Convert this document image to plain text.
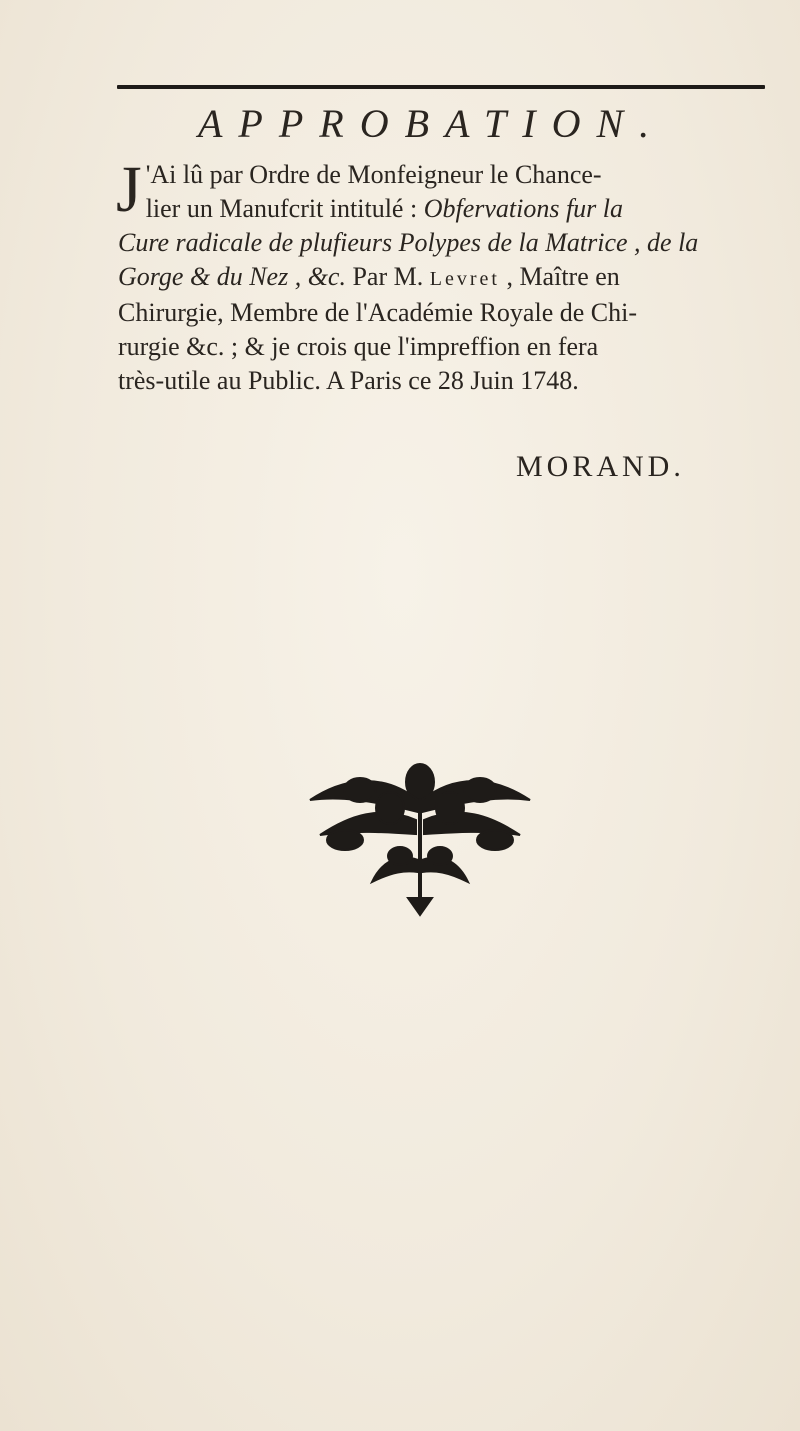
APPROBATION.
J 'Ai lû par Ordre de Monfeigneur le Chance-
lier un Manufcrit intitulé : Obfervations fur la
Cure radicale de plufieurs Polypes de la Matrice , de la
Gorge & du Nez , &c. Par M. Levret , Maître en
Chirurgie, Membre de l'Académie Royale de Chi-
rurgie &c. ; & je crois que l'impreffion en fera
très-utile au Public. A Paris ce 28 Juin 1748.
MORAND.
